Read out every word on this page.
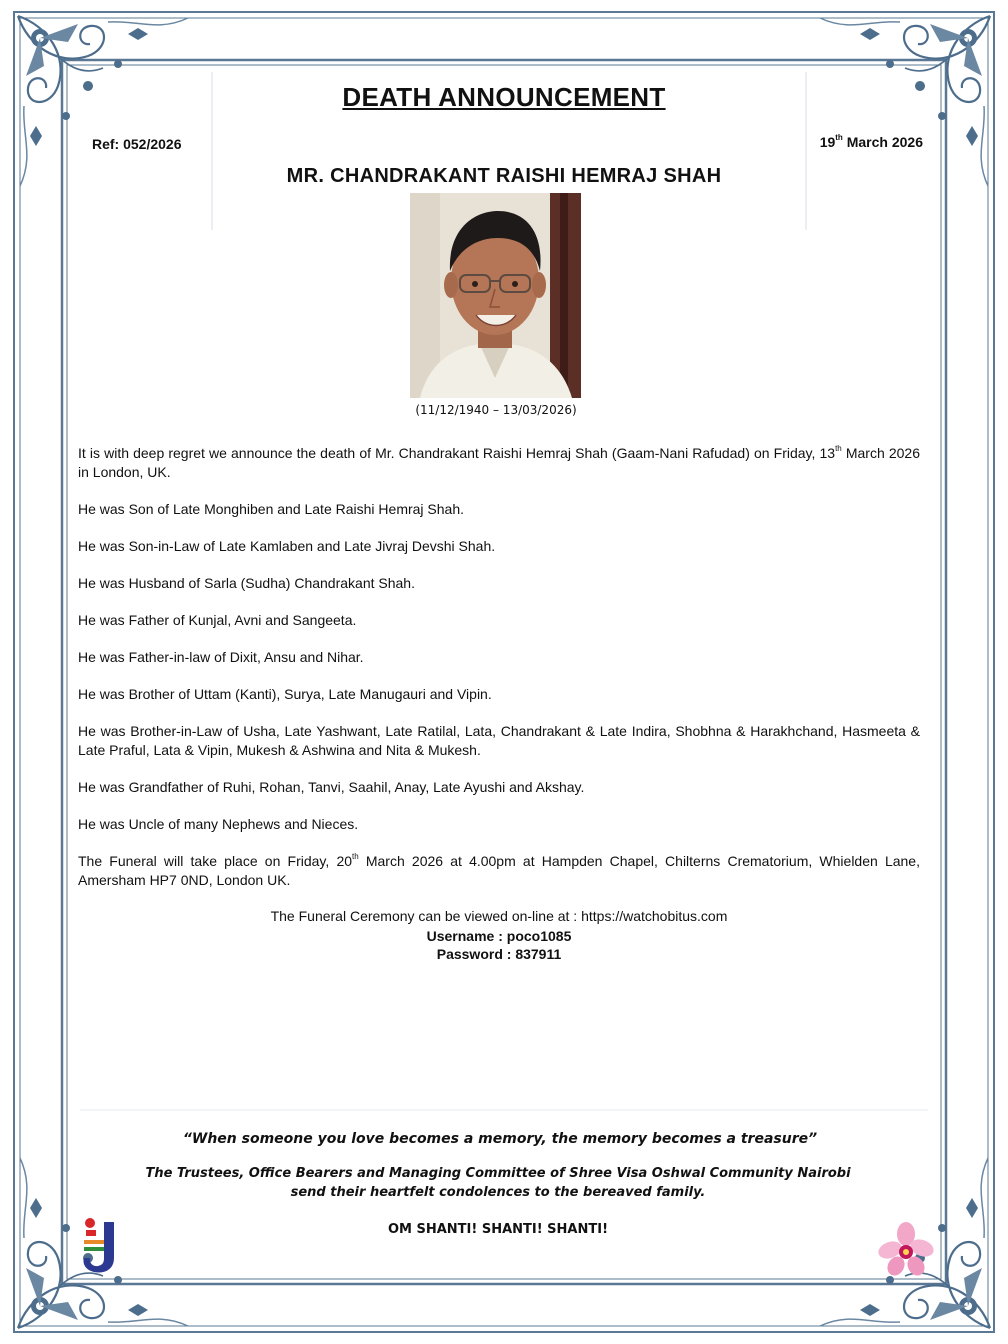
DEATH ANNOUNCEMENT
Ref: 052/2026	19th March 2026
MR. CHANDRAKANT RAISHI HEMRAJ SHAH
(11/12/1940 – 13/03/2026)
It is with deep regret we announce the death of Mr. Chandrakant Raishi Hemraj Shah (Gaam-Nani Rafudad) on Friday, 13th March 2026 in London, UK.
He was Son of Late Monghiben and Late Raishi Hemraj Shah.
He was Son-in-Law of Late Kamlaben and Late Jivraj Devshi Shah.
He was Husband of Sarla (Sudha) Chandrakant Shah.
He was Father of Kunjal, Avni and Sangeeta.
He was Father-in-law of Dixit, Ansu and Nihar.
He was Brother of Uttam (Kanti), Surya, Late Manugauri and Vipin.
He was Brother-in-Law of Usha, Late Yashwant, Late Ratilal, Lata, Chandrakant & Late Indira, Shobhna & Harakhchand, Hasmeeta & Late Praful, Lata & Vipin, Mukesh & Ashwina and Nita & Mukesh.
He was Grandfather of Ruhi, Rohan, Tanvi, Saahil, Anay, Late Ayushi and Akshay.
He was Uncle of many Nephews and Nieces.
The Funeral will take place on Friday, 20th March 2026 at 4.00pm at Hampden Chapel, Chilterns Crematorium, Whielden Lane, Amersham HP7 0ND, London UK.
The Funeral Ceremony can be viewed on-line at : https://watchobitus.com
Username : poco1085
Password : 837911
“When someone you love becomes a memory, the memory becomes a treasure”
The Trustees, Office Bearers and Managing Committee of Shree Visa Oshwal Community Nairobi
send their heartfelt condolences to the bereaved family.
OM SHANTI! SHANTI! SHANTI!
